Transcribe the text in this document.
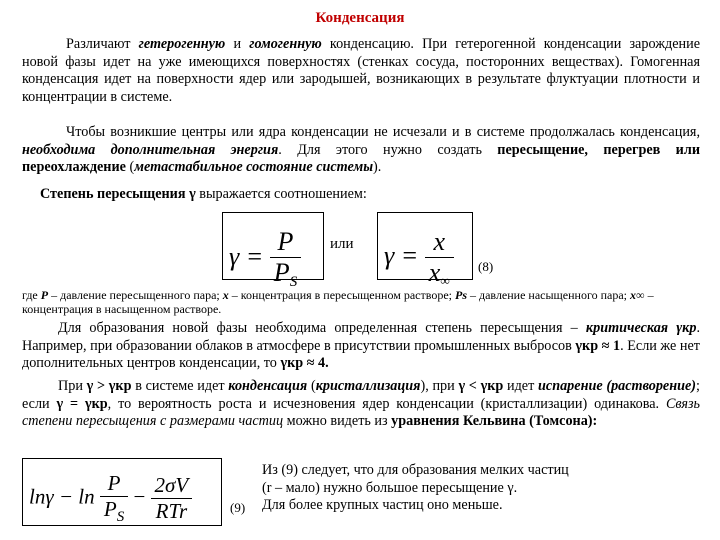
Конденсация
Различают гетерогенную и гомогенную конденсацию. При гетерогенной конденсации зарождение новой фазы идет на уже имеющихся поверхностях (стенках сосуда, посторонних веществах). Гомогенная конденсация идет на поверхности ядер или зародышей, возникающих в результате флуктуации плотности и концентрации в системе.
Чтобы возникшие центры или ядра конденсации не исчезали и в системе продолжалась конденсация, необходима дополнительная энергия. Для этого нужно создать пересыщение, перегрев или переохлаждение (метастабильное состояние системы).
Степень пересыщения γ выражается соотношением:
$\gamma = \frac{P}{P_S}$ или $\gamma = \frac{x}{x\infty} (8)$
где P – давление пересыщенного пара; x – концентрация в пересыщенном растворе; Ps – давление насыщенного пара; x∞ – концентрация в насыщенном растворе.
Для образования новой фазы необходима определенная степень пересыщения – критическая γкр. Например, при образовании облаков в атмосфере в присутствии промышленных выбросов γкр ≈ 1. Если же нет дополнительных центров конденсации, то γкр ≈ 4.
При γ > γкр в системе идет конденсация (кристаллизация), при γ < γкр идет испарение (растворение); если γ = γкр, то вероятность роста и исчезновения ядер конденсации (кристаллизации) одинакова. Связь степени пересыщения с размерами частиц можно видеть из уравнения Кельвина (Томсона):
$\ln\gamma - \ln \frac{P}{P_S} - \frac{2\sigma V}{\text{RTr}}$	(9)
Из (9) следует, что для образования мелких частиц
(r – мало) нужно большое пересыщение γ.
Для более крупных частиц оно меньше.
